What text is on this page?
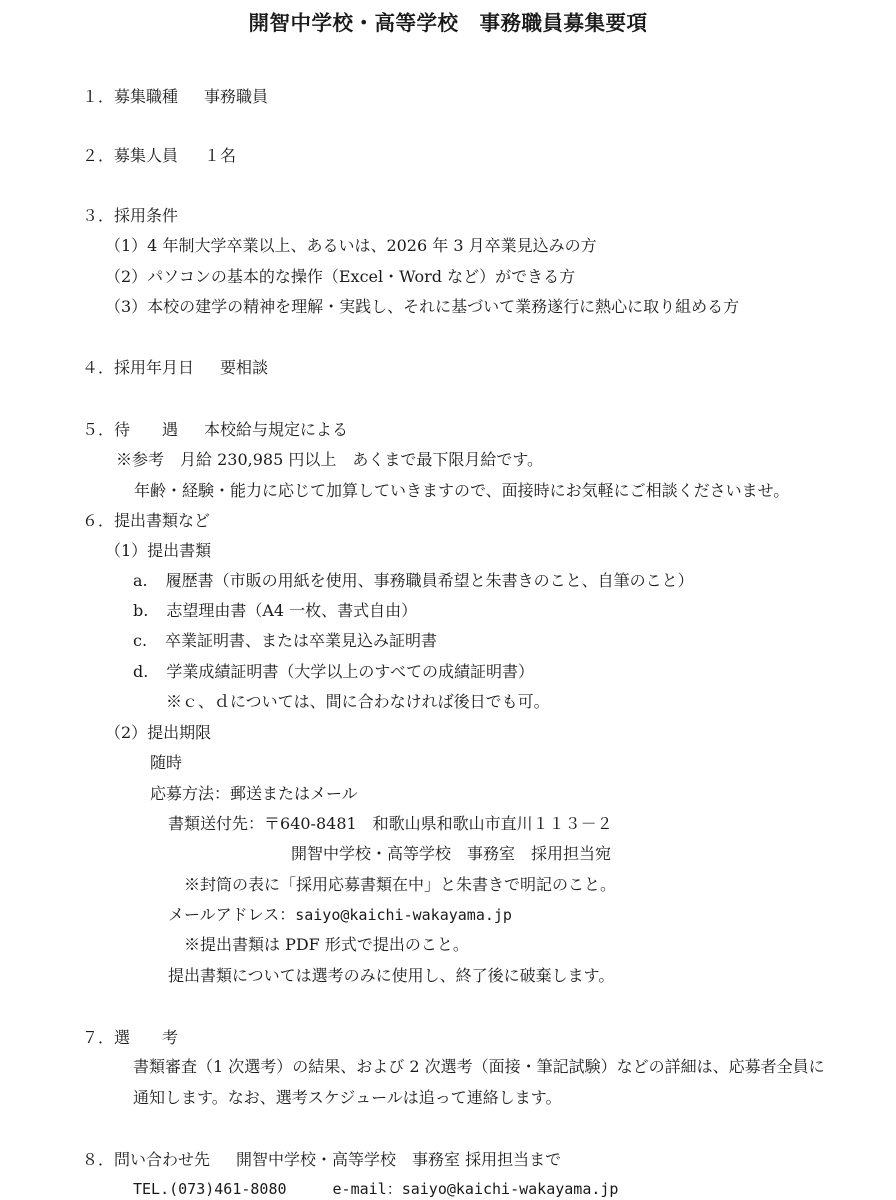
開智中学校・高等学校　事務職員募集要項
１．募集職種 事務職員
２．募集人員 １名
３．採用条件
（1）4 年制大学卒業以上、あるいは、2026 年 3 月卒業見込みの方
（2）パソコンの基本的な操作（Excel・Word など）ができる方
（3）本校の建学の精神を理解・実践し、それに基づいて業務遂行に熱心に取り組める方
４．採用年月日 要相談
５．待　　遇 本校給与規定による
※参考　月給 230,985 円以上　あくまで最下限月給です。
年齢・経験・能力に応じて加算していきますので、面接時にお気軽にご相談くださいませ。
６．提出書類など
（1）提出書類
a. 履歴書（市販の用紙を使用、事務職員希望と朱書きのこと、自筆のこと）
b. 志望理由書（A4 一枚、書式自由）
c. 卒業証明書、または卒業見込み証明書
d. 学業成績証明書（大学以上のすべての成績証明書）
※ｃ、ｄについては、間に合わなければ後日でも可。
（2）提出期限
随時
応募方法：郵送またはメール
書類送付先：〒640-8481　和歌山県和歌山市直川１１３－２
開智中学校・高等学校　事務室　採用担当宛
※封筒の表に「採用応募書類在中」と朱書きで明記のこと。
メールアドレス：saiyo@kaichi-wakayama.jp
※提出書類は PDF 形式で提出のこと。
提出書類については選考のみに使用し、終了後に破棄します。
７．選　　考
書類審査（1 次選考）の結果、および 2 次選考（面接・筆記試験）などの詳細は、応募者全員に
通知します。なお、選考スケジュールは追って連絡します。
８．問い合わせ先 開智中学校・高等学校　事務室 採用担当まで
TEL.(073)461-8080	e-mail：saiyo@kaichi-wakayama.jp
